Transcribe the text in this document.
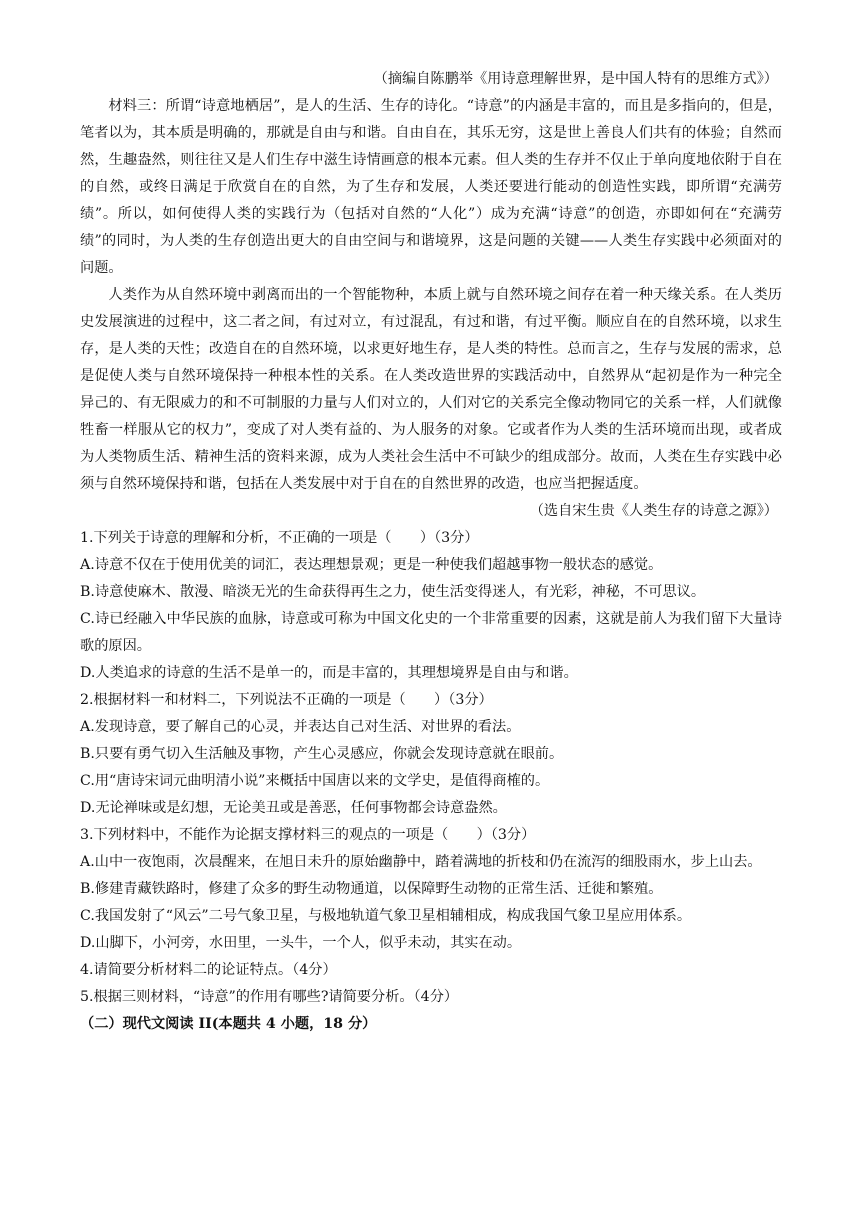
（摘编自陈鹏举《用诗意理解世界，是中国人特有的思维方式》）
材料三：所谓“诗意地栖居”，是人的生活、生存的诗化。“诗意”的内涵是丰富的，而且是多指向的，但是，笔者以为，其本质是明确的，那就是自由与和谐。自由自在，其乐无穷，这是世上善良人们共有的体验；自然而然，生趣盎然，则往往又是人们生存中滋生诗情画意的根本元素。但人类的生存并不仅止于单向度地依附于自在的自然，或终日满足于欣赏自在的自然，为了生存和发展，人类还要进行能动的创造性实践，即所谓“充满劳绩”。所以，如何使得人类的实践行为（包括对自然的“人化”）成为充满“诗意”的创造，亦即如何在“充满劳绩”的同时，为人类的生存创造出更大的自由空间与和谐境界，这是问题的关键——人类生存实践中必须面对的问题。
人类作为从自然环境中剥离而出的一个智能物种，本质上就与自然环境之间存在着一种天缘关系。在人类历史发展演进的过程中，这二者之间，有过对立，有过混乱，有过和谐，有过平衡。顺应自在的自然环境，以求生存，是人类的天性；改造自在的自然环境，以求更好地生存，是人类的特性。总而言之，生存与发展的需求，总是促使人类与自然环境保持一种根本性的关系。在人类改造世界的实践活动中，自然界从“起初是作为一种完全异己的、有无限威力的和不可制服的力量与人们对立的，人们对它的关系完全像动物同它的关系一样，人们就像牲畜一样服从它的权力”，变成了对人类有益的、为人服务的对象。它或者作为人类的生活环境而出现，或者成为人类物质生活、精神生活的资料来源，成为人类社会生活中不可缺少的组成部分。故而，人类在生存实践中必须与自然环境保持和谐，包括在人类发展中对于自在的自然世界的改造，也应当把握适度。
（选自宋生贵《人类生存的诗意之源》）
1.下列关于诗意的理解和分析，不正确的一项是（　　）（3分）
A.诗意不仅在于使用优美的词汇，表达理想景观；更是一种使我们超越事物一般状态的感觉。
B.诗意使麻木、散漫、暗淡无光的生命获得再生之力，使生活变得迷人，有光彩，神秘，不可思议。
C.诗已经融入中华民族的血脉，诗意或可称为中国文化史的一个非常重要的因素，这就是前人为我们留下大量诗歌的原因。
D.人类追求的诗意的生活不是单一的，而是丰富的，其理想境界是自由与和谐。
2.根据材料一和材料二，下列说法不正确的一项是（　　）（3分）
A.发现诗意，要了解自己的心灵，并表达自己对生活、对世界的看法。
B.只要有勇气切入生活触及事物，产生心灵感应，你就会发现诗意就在眼前。
C.用“唐诗宋词元曲明清小说”来概括中国唐以来的文学史，是值得商榷的。
D.无论禅味或是幻想，无论美丑或是善恶，任何事物都会诗意盎然。
3.下列材料中，不能作为论据支撑材料三的观点的一项是（　　）（3分）
A.山中一夜饱雨，次晨醒来，在旭日未升的原始幽静中，踏着满地的折枝和仍在流泻的细股雨水，步上山去。
B.修建青藏铁路时，修建了众多的野生动物通道，以保障野生动物的正常生活、迁徙和繁殖。
C.我国发射了“风云”二号气象卫星，与极地轨道气象卫星相辅相成，构成我国气象卫星应用体系。
D.山脚下，小河旁，水田里，一头牛，一个人，似乎未动，其实在动。
4.请简要分析材料二的论证特点。（4分）
5.根据三则材料，“诗意”的作用有哪些?请简要分析。（4分）
（二）现代文阅读 II(本题共 4 小题，18 分）
